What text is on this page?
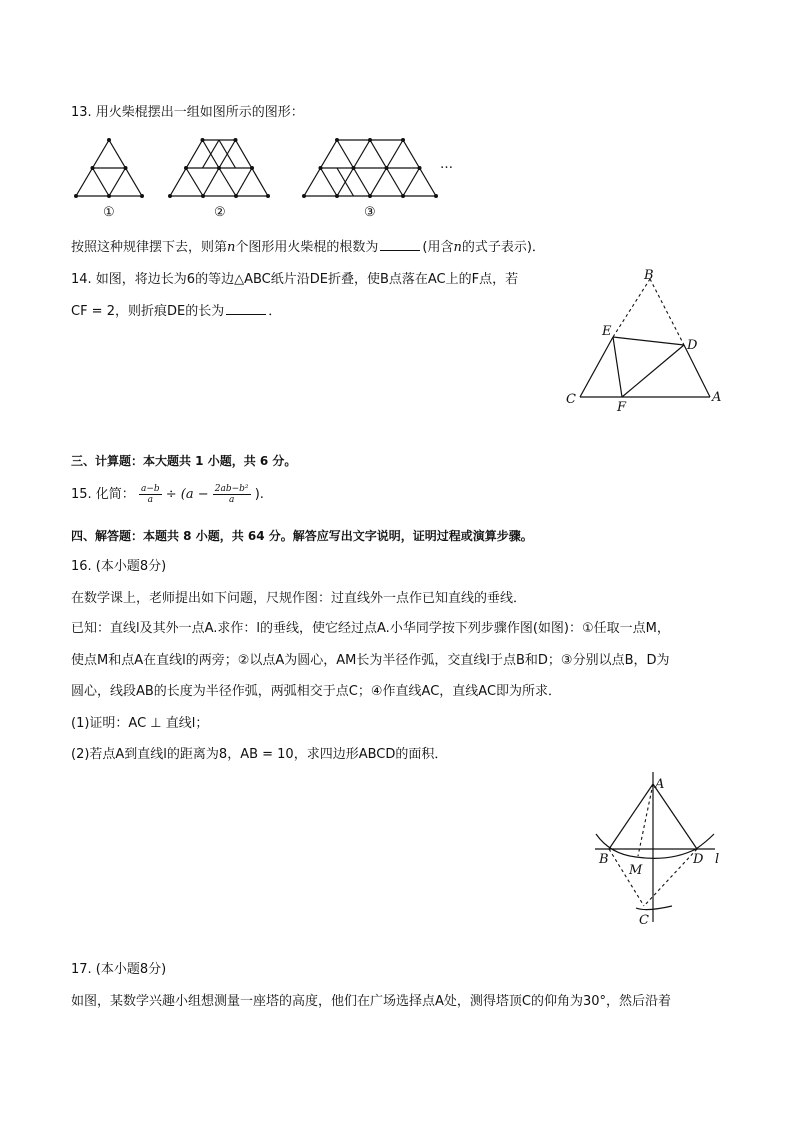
13. 用火柴棍摆出一组如图所示的图形：
①	②	③
…
按照这种规律摆下去，则第n个图形用火柴棍的根数为	(用含n的式子表示)．
14. 如图，将边长为6的等边△ABC纸片沿DE折叠，使B点落在AC上的F点，若
CF = 2，则折痕DE的长为	．
B
E
D
C
F
A
三、计算题：本大题共 1 小题，共 6 分。
15. 化简： $\frac{a-b}{a} \div (a - \frac{\text{2ab−b²}}{a}$ ).
四、解答题：本题共 8 小题，共 64 分。解答应写出文字说明，证明过程或演算步骤。
16. (本小题8分)
在数学课上，老师提出如下问题，尺规作图：过直线外一点作已知直线的垂线．
已知：直线l及其外一点A.求作：l的垂线，使它经过点A.小华同学按下列步骤作图(如图)：①任取一点M，
使点M和点A在直线l的两旁；②以点A为圆心，AM长为半径作弧，交直线l于点B和D；③分别以点B，D为
圆心，线段AB的长度为半径作弧，两弧相交于点C；④作直线AC，直线AC即为所求．
(1)证明：AC ⊥ 直线l；
(2)若点A到直线l的距离为8，AB = 10，求四边形ABCD的面积．
A
B	D l
M
C
17. (本小题8分)
如图，某数学兴趣小组想测量一座塔的高度，他们在广场选择点A处，测得塔顶C的仰角为30°，然后沿着
